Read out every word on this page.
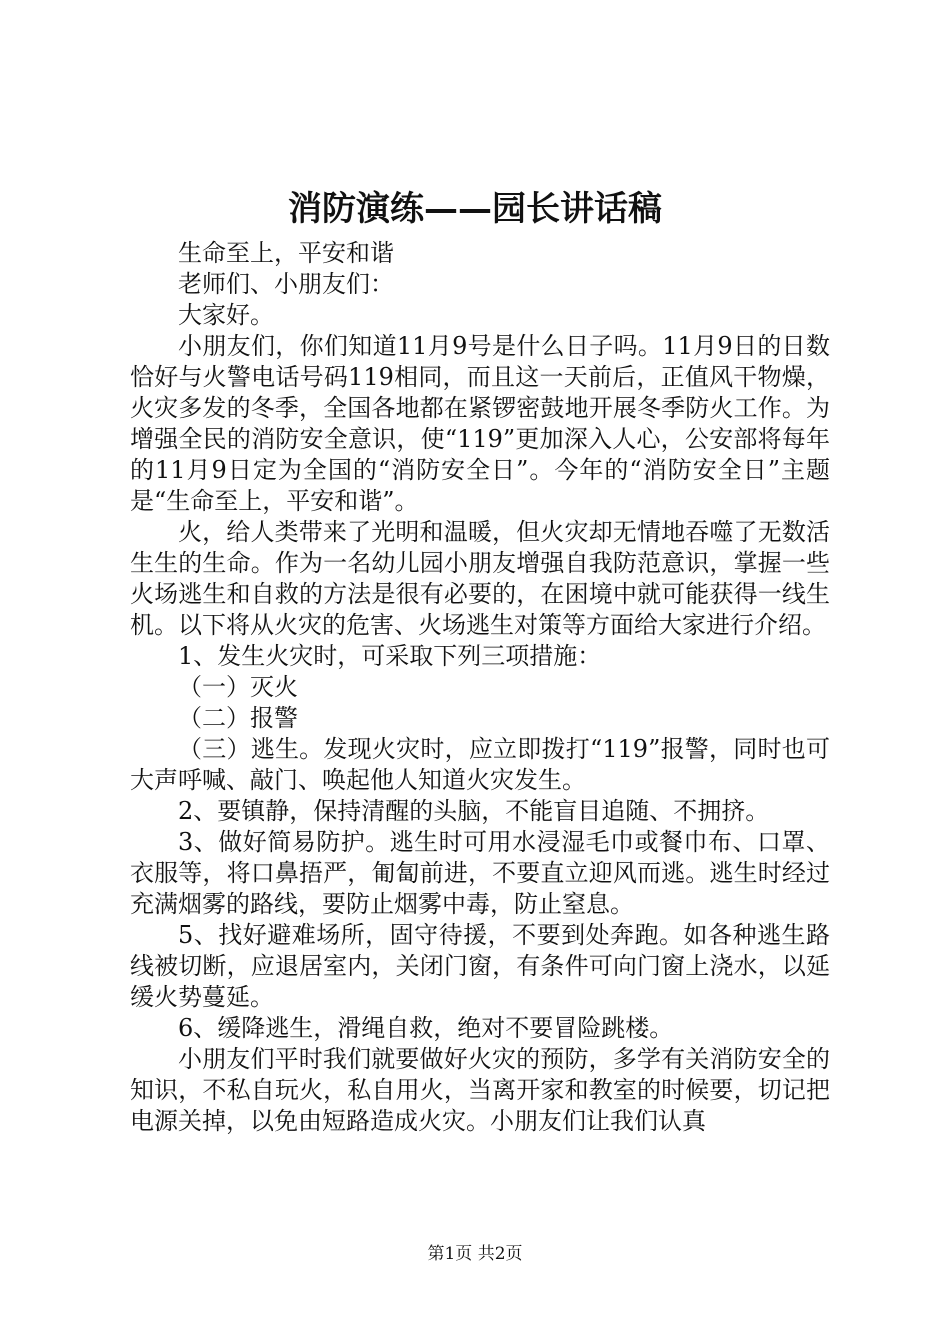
消防演练——园长讲话稿

生命至上，平安和谐

老师们、小朋友们：

大家好。

小朋友们，你们知道11月9号是什么日子吗。11月9日的日数恰好与火警电话号码119相同，而且这一天前后，正值风干物燥，火灾多发的冬季，全国各地都在紧锣密鼓地开展冬季防火工作。为增强全民的消防安全意识，使“119”更加深入人心，公安部将每年的11月9日定为全国的“消防安全日”。今年的“消防安全日”主题是“生命至上，平安和谐”。

火，给人类带来了光明和温暖，但火灾却无情地吞噬了无数活生生的生命。作为一名幼儿园小朋友增强自我防范意识，掌握一些火场逃生和自救的方法是很有必要的，在困境中就可能获得一线生机。以下将从火灾的危害、火场逃生对策等方面给大家进行介绍。

1、发生火灾时，可采取下列三项措施：

（一）灭火

（二）报警

（三）逃生。发现火灾时，应立即拨打“119”报警，同时也可大声呼喊、敲门、唤起他人知道火灾发生。

2、要镇静，保持清醒的头脑，不能盲目追随、不拥挤。

3、做好简易防护。逃生时可用水浸湿毛巾或餐巾布、口罩、衣服等，将口鼻捂严，匍匐前进，不要直立迎风而逃。逃生时经过充满烟雾的路线，要防止烟雾中毒，防止窒息。

5、找好避难场所，固守待援，不要到处奔跑。如各种逃生路线被切断，应退居室内，关闭门窗，有条件可向门窗上浇水，以延缓火势蔓延。

6、缓降逃生，滑绳自救，绝对不要冒险跳楼。

小朋友们平时我们就要做好火灾的预防，多学有关消防安全的知识，不私自玩火，私自用火，当离开家和教室的时候要，切记把电源关掉，以免由短路造成火灾。小朋友们让我们认真

第1页 共2页
